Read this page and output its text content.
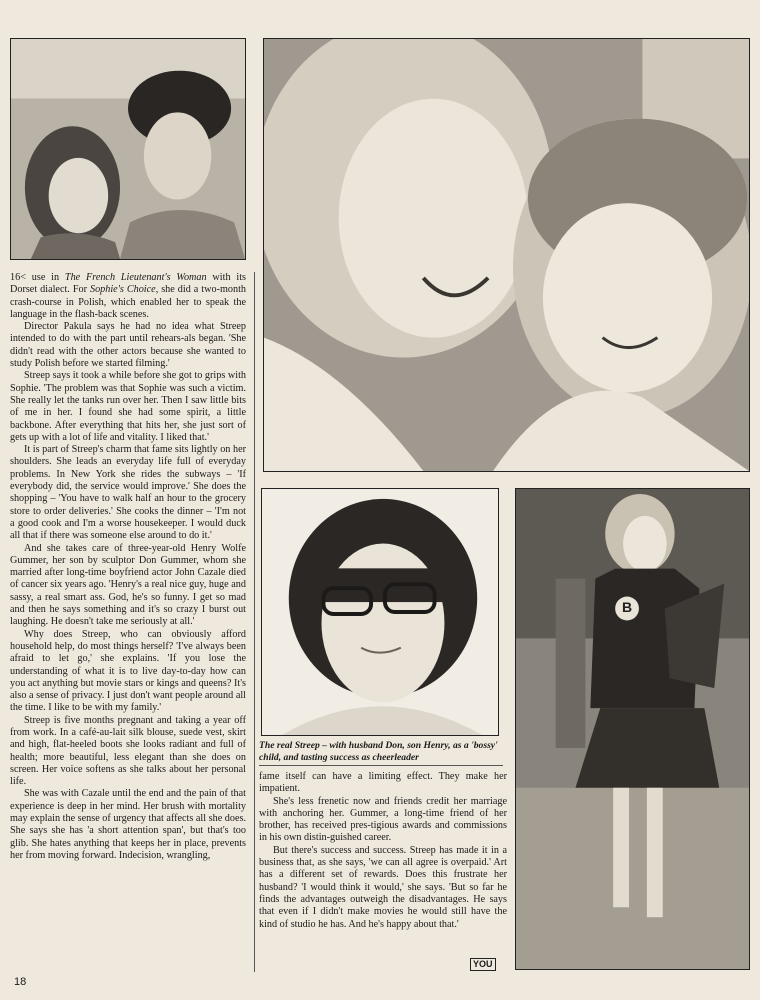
B

16< use in The French Lieutenant's Woman with its Dorset dialect. For Sophie's Choice, she did a two-month crash-course in Polish, which enabled her to speak the language in the flash-back scenes.

Director Pakula says he had no idea what Streep intended to do with the part until rehears-als began. 'She didn't read with the other actors because she wanted to study Polish before we started filming.'

Streep says it took a while before she got to grips with Sophie. 'The problem was that Sophie was such a victim. She really let the tanks run over her. Then I saw little bits of me in her. I found she had some spirit, a little backbone. After everything that hits her, she just sort of gets up with a lot of life and vitality. I liked that.'

It is part of Streep's charm that fame sits lightly on her shoulders. She leads an everyday life full of everyday problems. In New York she rides the subways – 'If everybody did, the service would improve.' She does the shopping – 'You have to walk half an hour to the grocery store to order deliveries.' She cooks the dinner – 'I'm not a good cook and I'm a worse housekeeper. I would duck all that if there was someone else around to do it.'

And she takes care of three-year-old Henry Wolfe Gummer, her son by sculptor Don Gummer, whom she married after long-time boyfriend actor John Cazale died of cancer six years ago. 'Henry's a real nice guy, huge and sassy, a real smart ass. God, he's so funny. I get so mad and then he says something and it's so crazy I burst out laughing. He doesn't take me seriously at all.'

Why does Streep, who can obviously afford household help, do most things herself? 'I've always been afraid to let go,' she explains. 'If you lose the understanding of what it is to live day-to-day how can you act anything but movie stars or kings and queens? It's also a sense of privacy. I just don't want people around all the time. I like to be with my family.'

Streep is five months pregnant and taking a year off from work. In a café-au-lait silk blouse, suede vest, skirt and high, flat-heeled boots she looks radiant and full of health; more beautiful, less elegant than she does on screen. Her voice softens as she talks about her personal life.

She was with Cazale until the end and the pain of that experience is deep in her mind. Her brush with mortality may explain the sense of urgency that affects all she does. She says she has 'a short attention span', but that's too glib. She hates anything that keeps her in place, prevents her from moving forward. Indecision, wrangling,

The real Streep – with husband Don, son Henry, as a 'bossy' child, and tasting success as cheerleader

fame itself can have a limiting effect. They make her impatient.

She's less frenetic now and friends credit her marriage with anchoring her. Gummer, a long-time friend of her brother, has received pres-tigious awards and commissions in his own distin-guished career.

But there's success and success. Streep has made it in a business that, as she says, 'we can all agree is overpaid.' Art has a different set of rewards. Does this frustrate her husband? 'I would think it would,' she says. 'But so far he finds the advantages outweigh the disadvantages. He says that even if I didn't make movies he would still have the kind of studio he has. And he's happy about that.'

YOU
18
